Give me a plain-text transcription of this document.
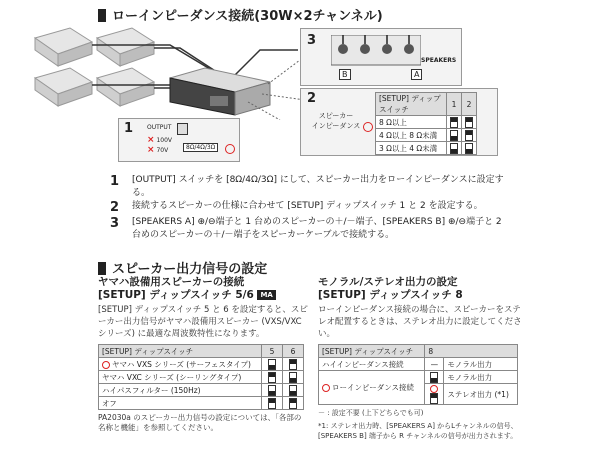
ローインピーダンス接続(30W×2チャンネル)
3
B	A
SPEAKERS
2
スピーカー
インピーダンス
[SETUP] ディップスイッチ	1	2
8 Ω以上		
4 Ω以上 8 Ω未満		
3 Ω以上 4 Ω未満		
1 OUTPUT
× 100V
× 70V	8Ω/4Ω/3Ω
1 [OUTPUT] スイッチを [8Ω/4Ω/3Ω] にして、スピーカー出力をローインピーダンスに設定する。
2 接続するスピーカーの仕様に合わせて [SETUP] ディップスイッチ 1 と 2 を設定する。
3 [SPEAKERS A] ⊕/⊖端子と 1 台めのスピーカーの＋/－端子、[SPEAKERS B] ⊕/⊖端子と 2 台めのスピーカーの＋/－端子をスピーカーケーブルで接続する。
スピーカー出力信号の設定
ヤマハ設備用スピーカーの接続
[SETUP] ディップスイッチ 5/6 MA
[SETUP] ディップスイッチ 5 と 6 を設定すると、スピーカー出力信号がヤマハ設備用スピーカー (VXS/VXC シリーズ) に最適な周波数特性になります。
[SETUP] ディップスイッチ	5	6
ヤマハ VXS シリーズ (サーフェスタイプ)		
ヤマハ VXC シリーズ (シーリングタイプ)		
ハイパスフィルター (150Hz)		
オフ		
PA2030a のスピーカー出力信号の設定については、「各部の名称と機能」を参照してください。
モノラル/ステレオ出力の設定
[SETUP] ディップスイッチ 8
ローインピーダンス接続の場合に、スピーカーをステレオ配置するときは、ステレオ出力に設定してください。
[SETUP] ディップスイッチ	8	
ハイインピーダンス接続	—	モノラル出力
ローインピーダンス接続		モノラル出力
		ステレオ出力 (*1)
－ : 設定不要 (上下どちらでも可)
*1: ステレオ出力時、[SPEAKERS A] からLチャンネルの信号、[SPEAKERS B] 端子から R チャンネルの信号が出力されます。
